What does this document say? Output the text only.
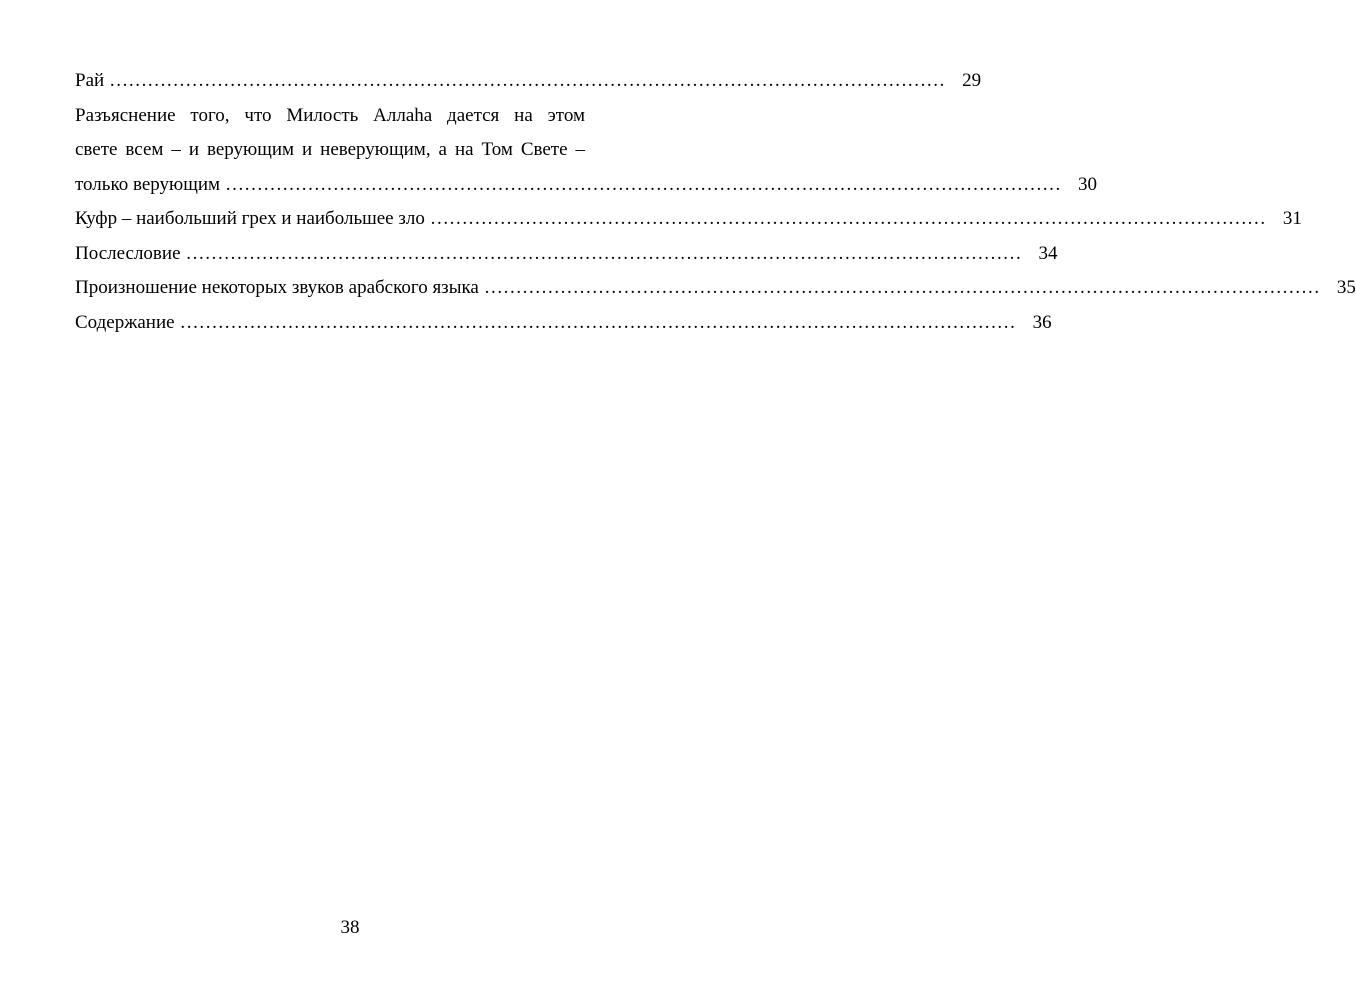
Рай …………………………………………………………………………………………………………………… 29
Разъяснение того, что Милость Аллаhа дается на этом
свете всем – и верующим и неверующим, а на Том Свете –
только верующим …………………………………………………………………………………………………………………… 30
Куфр – наибольший грех и наибольшее зло …………………………………………………………………………………………………………………… 31
Послесловие …………………………………………………………………………………………………………………… 34
Произношение некоторых звуков арабского языка …………………………………………………………………………………………………………………… 35
Содержание …………………………………………………………………………………………………………………… 36
38
